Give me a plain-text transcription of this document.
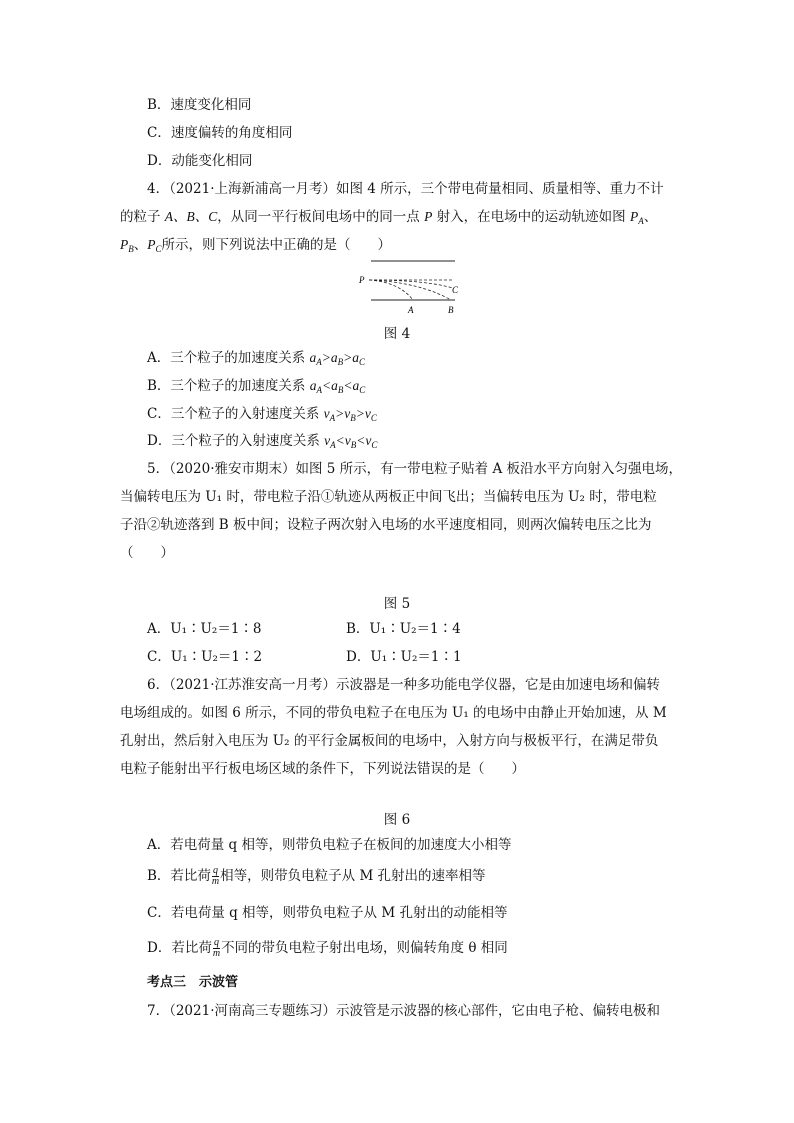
B．速度变化相同
C．速度偏转的角度相同
D．动能变化相同
4．（2021·上海新浦高一月考）如图 4 所示，三个带电荷量相同、质量相等、重力不计
的粒子 A、B、C，从同一平行板间电场中的同一点 P 射入，在电场中的运动轨迹如图 $P_A$、
$P_B$、$P_C$所示，则下列说法中正确的是（　　）
P
C
A	B
图 4
A．三个粒子的加速度关系 $a_A>a_B>a_C$
B．三个粒子的加速度关系 $a_A<a_B<a_C$
C．三个粒子的入射速度关系 $v_A>v_B>v_C$
D．三个粒子的入射速度关系 $v_A<v_B<v_C$
5．（2020·雅安市期末）如图 5 所示，有一带电粒子贴着 A 板沿水平方向射入匀强电场，
当偏转电压为 U₁ 时，带电粒子沿①轨迹从两板正中间飞出；当偏转电压为 U₂ 时，带电粒
子沿②轨迹落到 B 板中间；设粒子两次射入电场的水平速度相同，则两次偏转电压之比为
（　　）
图 5
A．U₁∶U₂＝1∶8	B．U₁∶U₂＝1∶4
C．U₁∶U₂＝1∶2	D．U₁∶U₂＝1∶1
6．（2021·江苏淮安高一月考）示波器是一种多功能电学仪器，它是由加速电场和偏转
电场组成的。如图 6 所示，不同的带负电粒子在电压为 U₁ 的电场中由静止开始加速，从 M
孔射出，然后射入电压为 U₂ 的平行金属板间的电场中，入射方向与极板平行，在满足带负
电粒子能射出平行板电场区域的条件下，下列说法错误的是（　　）
图 6
A．若电荷量 q 相等，则带负电粒子在板间的加速度大小相等
B．若比荷 $\frac{q}{m}$ 相等，则带负电粒子从 M 孔射出的速率相等
C．若电荷量 q 相等，则带负电粒子从 M 孔射出的动能相等
D．若比荷 $\frac{q}{m}$ 不同的带负电粒子射出电场，则偏转角度 θ 相同
考点三　示波管
7．（2021·河南高三专题练习）示波管是示波器的核心部件，它由电子枪、偏转电极和
